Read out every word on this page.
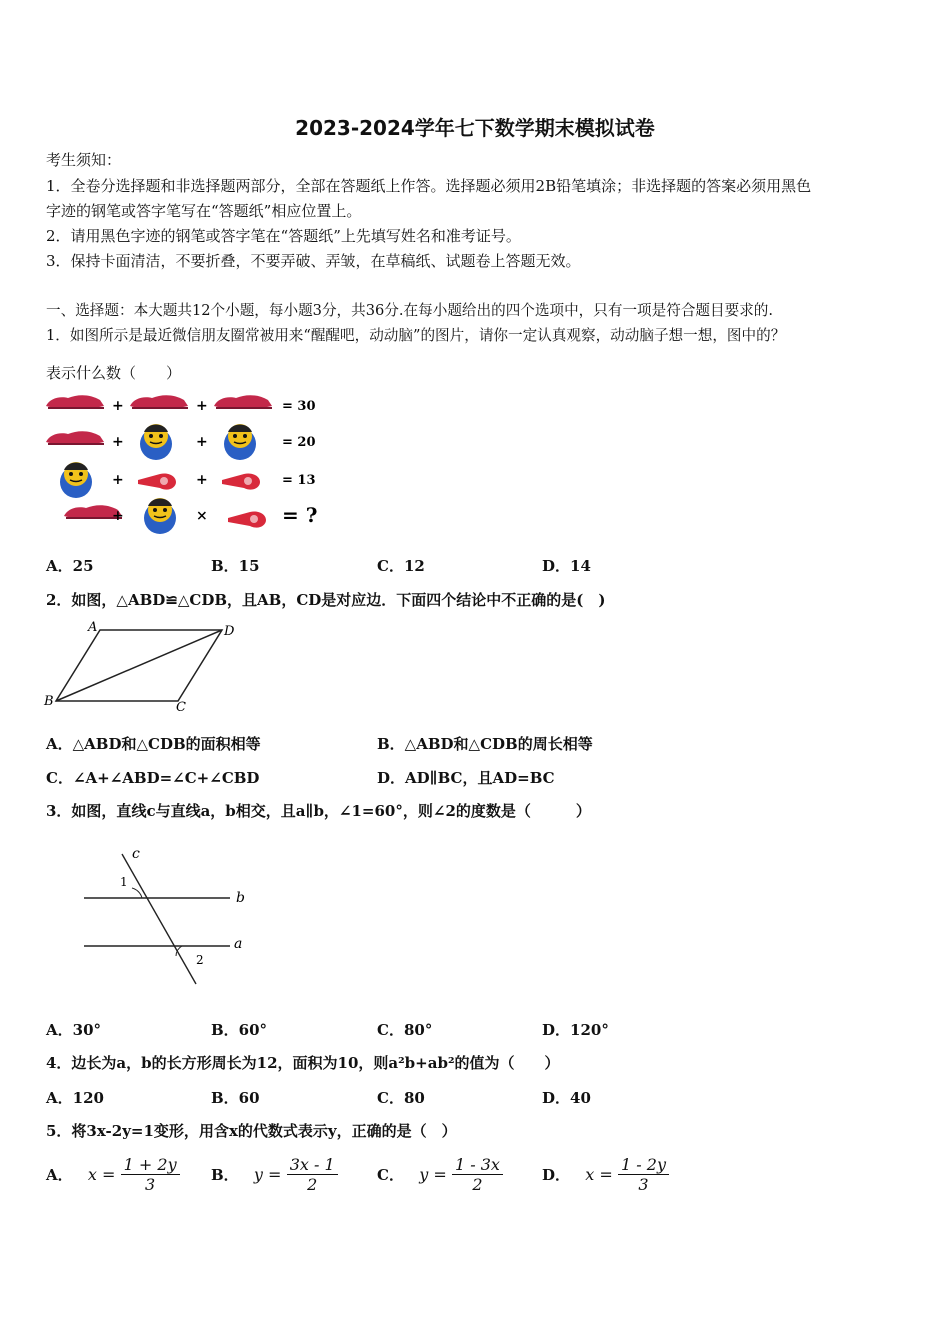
2023-2024学年七下数学期末模拟试卷
考生须知：
1．全卷分选择题和非选择题两部分，全部在答题纸上作答。选择题必须用2B铅笔填涂；非选择题的答案必须用黑色
字迹的钢笔或答字笔写在“答题纸”相应位置上。
2．请用黑色字迹的钢笔或答字笔在“答题纸”上先填写姓名和准考证号。
3．保持卡面清洁，不要折叠，不要弄破、弄皱，在草稿纸、试题卷上答题无效。
一、选择题：本大题共12个小题，每小题3分，共36分.在每小题给出的四个选项中，只有一项是符合题目要求的.
1．如图所示是最近微信朋友圈常被用来“醒醒吧，动动脑”的图片，请你一定认真观察，动动脑子想一想，图中的？
表示什么数（　　）
+	+	= 30
+	+	= 20
+	+	= 13
+	×	= ?
A．25	B．15	C．12	D．14
2．如图，△ABD≌△CDB，且AB，CD是对应边．下面四个结论中不正确的是(　)
A	D
B	C
A．△ABD和△CDB的面积相等	B．△ABD和△CDB的周长相等
C．∠A+∠ABD=∠C+∠CBD	D．AD∥BC，且AD=BC
3．如图，直线c与直线a，b相交，且a∥b，∠1=60°，则∠2的度数是（　　　）
c
1
b
a
2
A．30°	B．60°	C．80°	D．120°
4．边长为a，b的长方形周长为12，面积为10，则a²b+ab²的值为（　　）
A．120	B．60	C．80	D．40
5．将3x-2y=1变形，用含x的代数式表示y，正确的是（　）
A． $x = \frac{1 + 2y}{3}$ B． $y = \frac{3x - 1}{2}$	C． $y = \frac{1 - 3x}{2}$	D． $x = \frac{1 - 2y}{3}$
